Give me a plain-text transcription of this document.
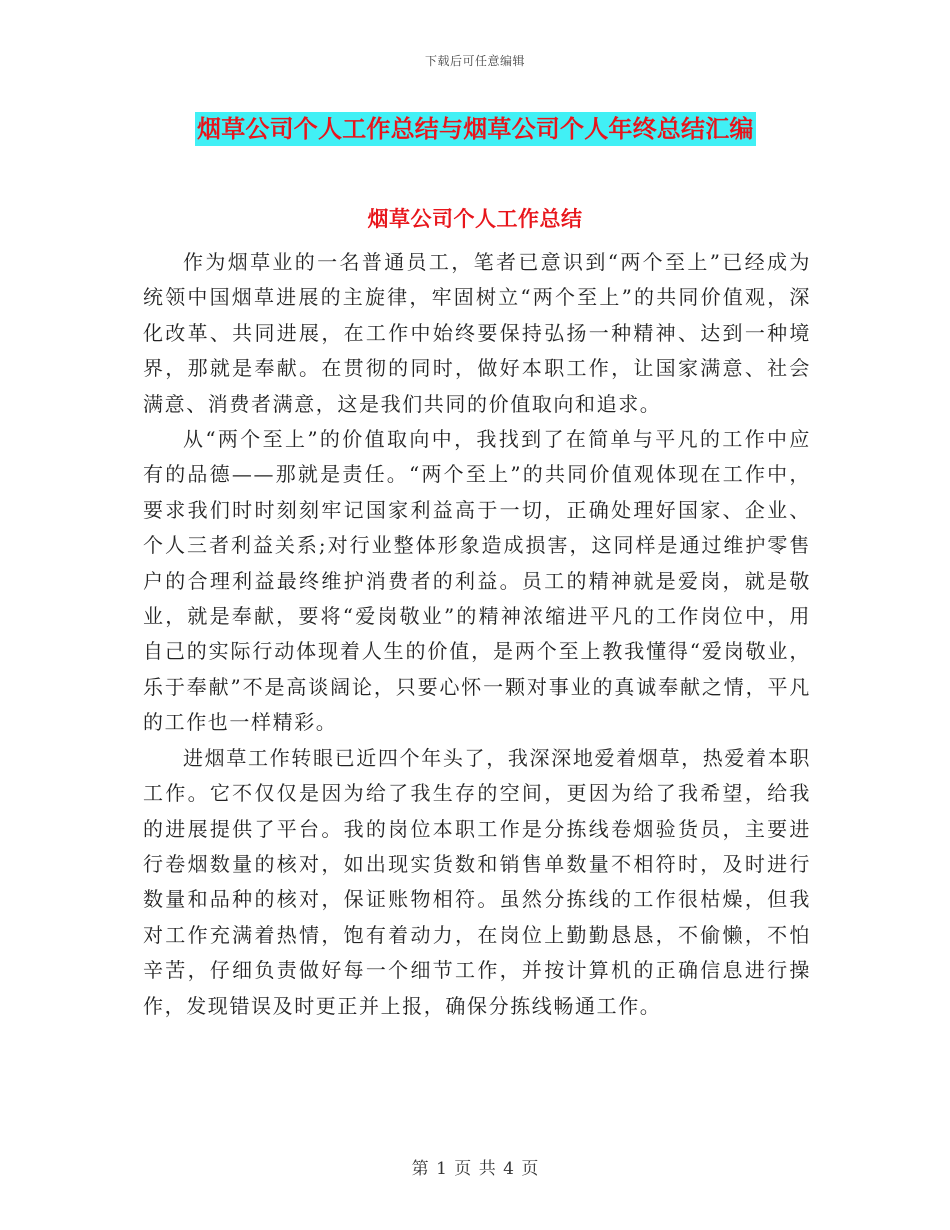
下载后可任意编辑
烟草公司个人工作总结与烟草公司个人年终总结汇编
烟草公司个人工作总结

作为烟草业的一名普通员工，笔者已意识到“两个至上”已经成为统领中国烟草进展的主旋律，牢固树立“两个至上”的共同价值观，深化改革、共同进展，在工作中始终要保持弘扬一种精神、达到一种境界，那就是奉献。在贯彻的同时，做好本职工作，让国家满意、社会满意、消费者满意，这是我们共同的价值取向和追求。

从“两个至上”的价值取向中，我找到了在简单与平凡的工作中应有的品德——那就是责任。“两个至上”的共同价值观体现在工作中，要求我们时时刻刻牢记国家利益高于一切，正确处理好国家、企业、个人三者利益关系;对行业整体形象造成损害，这同样是通过维护零售户的合理利益最终维护消费者的利益。员工的精神就是爱岗，就是敬业，就是奉献，要将“爱岗敬业”的精神浓缩进平凡的工作岗位中，用自己的实际行动体现着人生的价值，是两个至上教我懂得“爱岗敬业，乐于奉献”不是高谈阔论，只要心怀一颗对事业的真诚奉献之情，平凡的工作也一样精彩。

进烟草工作转眼已近四个年头了，我深深地爱着烟草，热爱着本职工作。它不仅仅是因为给了我生存的空间，更因为给了我希望，给我的进展提供了平台。我的岗位本职工作是分拣线卷烟验货员，主要进行卷烟数量的核对，如出现实货数和销售单数量不相符时，及时进行数量和品种的核对，保证账物相符。虽然分拣线的工作很枯燥，但我对工作充满着热情，饱有着动力，在岗位上勤勤恳恳，不偷懒，不怕辛苦，仔细负责做好每一个细节工作，并按计算机的正确信息进行操作，发现错误及时更正并上报，确保分拣线畅通工作。

第 1 页 共 4 页
